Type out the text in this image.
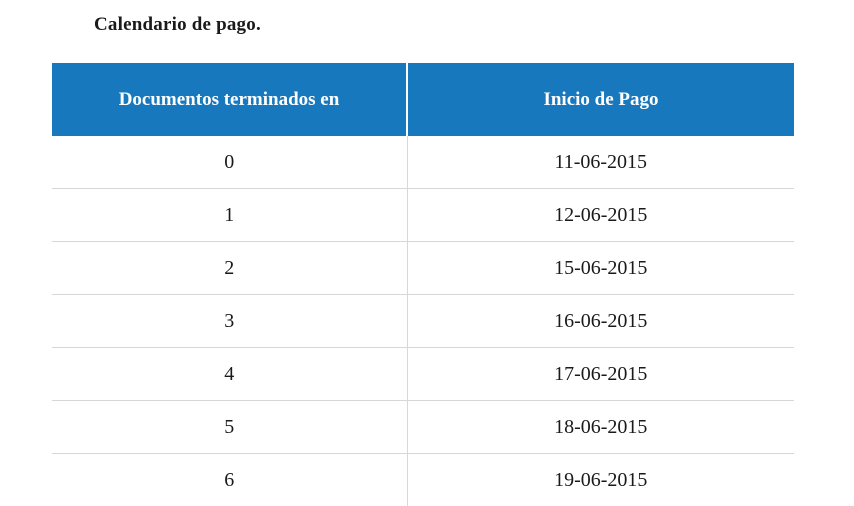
Calendario de pago.
Documentos terminados en	Inicio de Pago
0	11-06-2015
1	12-06-2015
2	15-06-2015
3	16-06-2015
4	17-06-2015
5	18-06-2015
6	19-06-2015
